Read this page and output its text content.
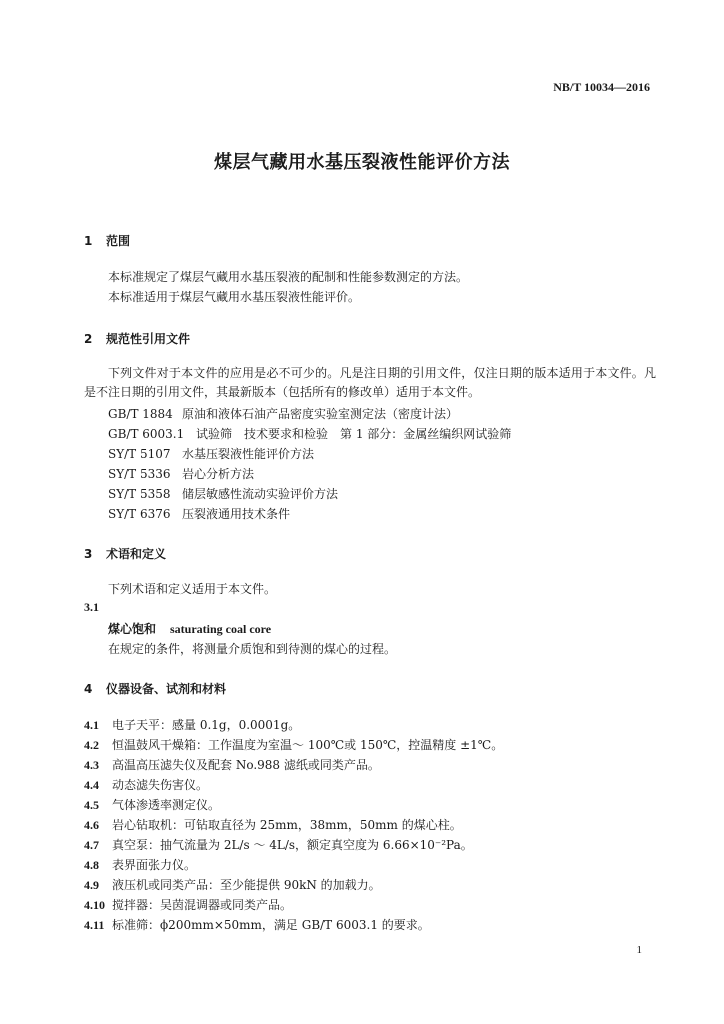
NB/T 10034—2016
煤层气藏用水基压裂液性能评价方法
1 范围
本标准规定了煤层气藏用水基压裂液的配制和性能参数测定的方法。
本标准适用于煤层气藏用水基压裂液性能评价。
2 规范性引用文件
下列文件对于本文件的应用是必不可少的。凡是注日期的引用文件，仅注日期的版本适用于本文件。凡是不注日期的引用文件，其最新版本（包括所有的修改单）适用于本文件。
GB/T 1884 原油和液体石油产品密度实验室测定法（密度计法）
GB/T 6003.1 试验筛　技术要求和检验　第 1 部分：金属丝编织网试验筛
SY/T 5107 水基压裂液性能评价方法
SY/T 5336 岩心分析方法
SY/T 5358 储层敏感性流动实验评价方法
SY/T 6376 压裂液通用技术条件
3 术语和定义
下列术语和定义适用于本文件。
3.1
煤心饱和 saturating coal core
在规定的条件，将测量介质饱和到待测的煤心的过程。
4 仪器设备、试剂和材料
4.1 电子天平：感量 0.1g，0.0001g。
4.2 恒温鼓风干燥箱：工作温度为室温～ 100℃或 150℃，控温精度 ±1℃。
4.3 高温高压滤失仪及配套 No.988 滤纸或同类产品。
4.4 动态滤失伤害仪。
4.5 气体渗透率测定仪。
4.6 岩心钻取机：可钻取直径为 25mm，38mm，50mm 的煤心柱。
4.7 真空泵：抽气流量为 2L/s ～ 4L/s，额定真空度为 6.66×10⁻²Pa。
4.8 表界面张力仪。
4.9 液压机或同类产品：至少能提供 90kN 的加载力。
4.10 搅拌器：吴茵混调器或同类产品。
4.11 标准筛：ϕ200mm×50mm，满足 GB/T 6003.1 的要求。
1
